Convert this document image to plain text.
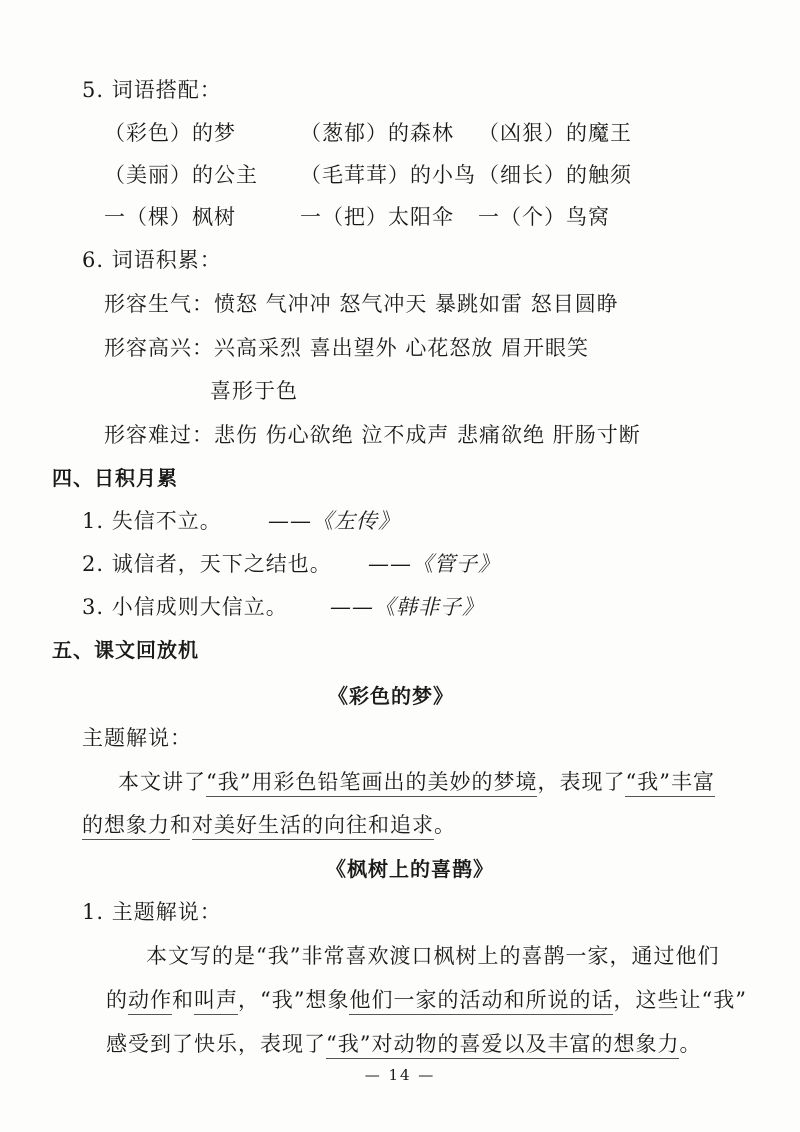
5. 词语搭配：
（彩色）的梦	（葱郁）的森林 （凶狠）的魔王
（美丽）的公主 （毛茸茸）的小鸟 （细长）的触须
一（棵）枫树	一（把）太阳伞 一（个）鸟窝
6. 词语积累：
形容生气：愤怒 气冲冲 怒气冲天 暴跳如雷 怒目圆睁
形容高兴：兴高采烈 喜出望外 心花怒放 眉开眼笑
喜形于色
形容难过：悲伤 伤心欲绝 泣不成声 悲痛欲绝 肝肠寸断
四、日积月累
1. 失信不立。 ——《左传》
2. 诚信者，天下之结也。 ——《管子》
3. 小信成则大信立。 ——《韩非子》
五、课文回放机
《彩色的梦》
主题解说：
本文讲了“我”用彩色铅笔画出的美妙的梦境，表现了“我”丰富
的想象力和对美好生活的向往和追求。
《枫树上的喜鹊》
1. 主题解说：
本文写的是“我”非常喜欢渡口枫树上的喜鹊一家，通过他们
的动作和叫声，“我”想象他们一家的活动和所说的话，这些让“我”
感受到了快乐，表现了“我”对动物的喜爱以及丰富的想象力。
— 14 —
